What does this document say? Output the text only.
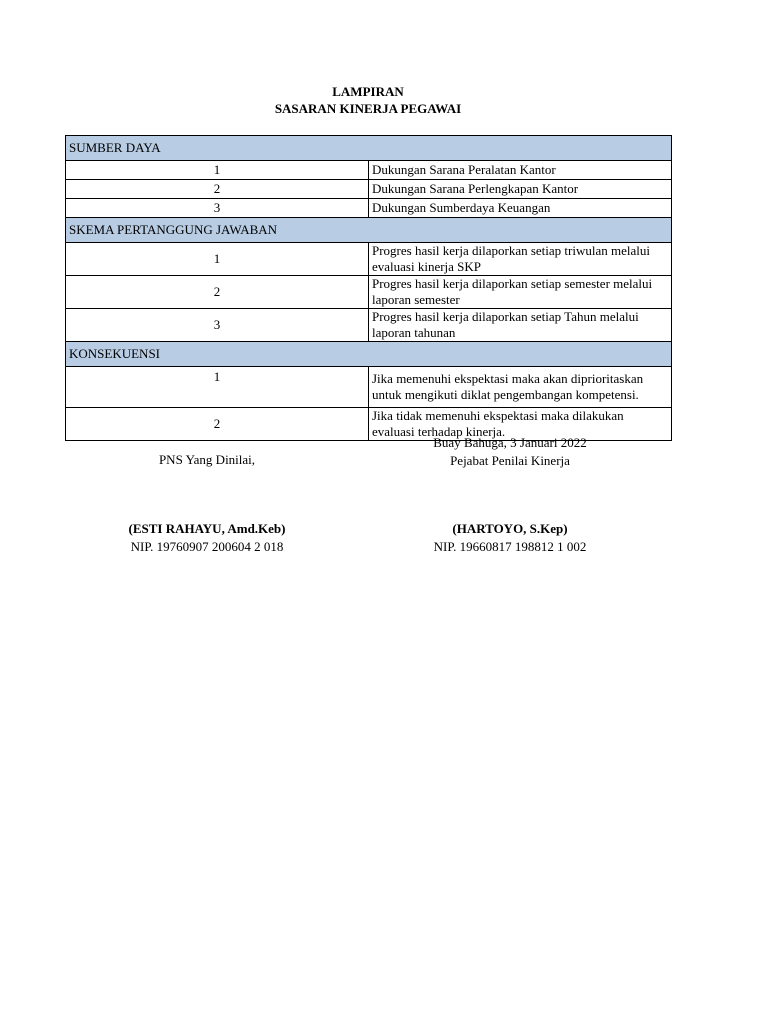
LAMPIRAN
SASARAN KINERJA PEGAWAI
SUMBER DAYA	
1	Dukungan Sarana Peralatan Kantor
2	Dukungan Sarana Perlengkapan Kantor
3	Dukungan Sumberdaya Keuangan
SKEMA PERTANGGUNG JAWABAN	
1	Progres hasil kerja dilaporkan setiap triwulan melalui evaluasi kinerja SKP
2	Progres hasil kerja dilaporkan setiap semester melalui laporan semester
3	Progres hasil kerja dilaporkan setiap Tahun melalui laporan tahunan
KONSEKUENSI	
1	Jika memenuhi ekspektasi maka akan diprioritaskan untuk mengikuti diklat pengembangan kompetensi.
2	Jika tidak memenuhi ekspektasi maka dilakukan evaluasi terhadap kinerja.
PNS Yang Dinilai,
Buay Bahuga, 3 Januari 2022
Pejabat Penilai Kinerja
(ESTI RAHAYU, Amd.Keb)
NIP. 19760907 200604 2 018
(HARTOYO, S.Kep)
NIP. 19660817 198812 1 002
